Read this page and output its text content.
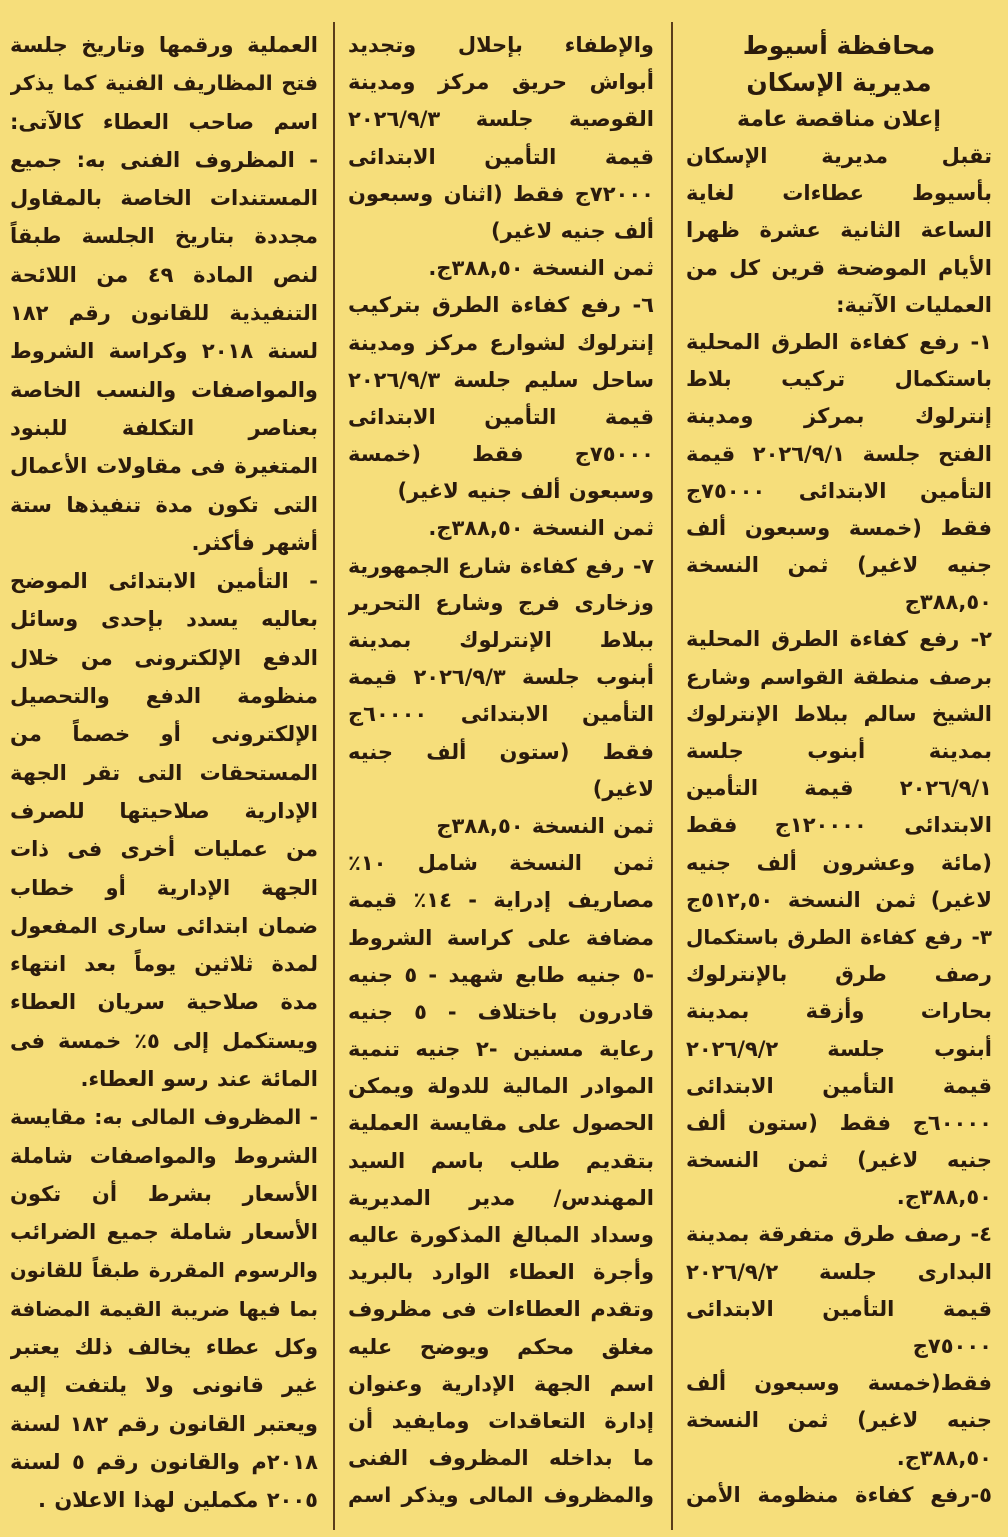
محافظة أسيوط
مديرية الإسكان
إعلان مناقصة عامة
تقبل مديرية الإسكان
بأسيوط عطاءات لغاية
الساعة الثانية عشرة ظهرا
الأيام الموضحة قرين كل من
العمليات الآتية:
١- رفع كفاءة الطرق المحلية
باستكمال تركيب بلاط
إنترلوك بمركز ومدينة
الفتح جلسة ٢٠٢٦/٩/١ قيمة
التأمين الابتدائى ٧٥٠٠٠ج
فقط (خمسة وسبعون ألف
جنيه لاغير) ثمن النسخة
٣٨٨,٥٠ج
٢- رفع كفاءة الطرق المحلية
برصف منطقة القواسم وشارع
الشيخ سالم ببلاط الإنترلوك
بمدينة أبنوب جلسة
٢٠٢٦/٩/١ قيمة التأمين
الابتدائى ١٢٠٠٠٠ج فقط
(مائة وعشرون ألف جنيه
لاغير) ثمن النسخة ٥١٢,٥٠ج
٣- رفع كفاءة الطرق باستكمال
رصف طرق بالإنترلوك
بحارات وأزقة بمدينة
أبنوب جلسة ٢٠٢٦/٩/٢
قيمة التأمين الابتدائى
٦٠٠٠٠ج فقط (ستون ألف
جنيه لاغير) ثمن النسخة
٣٨٨,٥٠ج.
٤- رصف طرق متفرقة بمدينة
البدارى جلسة ٢٠٢٦/٩/٢
قيمة التأمين الابتدائى
٧٥٠٠٠ج
فقط(خمسة وسبعون ألف
جنيه لاغير) ثمن النسخة
٣٨٨,٥٠ج.
٥-رفع كفاءة منظومة الأمن
والإطفاء بإحلال وتجديد
أبواش حريق مركز ومدينة
القوصية جلسة ٢٠٢٦/٩/٣
قيمة التأمين الابتدائى
٧٢٠٠٠ج فقط (اثنان وسبعون
ألف جنيه لاغير)
ثمن النسخة ٣٨٨,٥٠ج.
٦- رفع كفاءة الطرق بتركيب
إنترلوك لشوارع مركز ومدينة
ساحل سليم جلسة ٢٠٢٦/٩/٣
قيمة التأمين الابتدائى
٧٥٠٠٠ج فقط (خمسة
وسبعون ألف جنيه لاغير)
ثمن النسخة ٣٨٨,٥٠ج.
٧- رفع كفاءة شارع الجمهورية
وزخارى فرج وشارع التحرير
ببلاط الإنترلوك بمدينة
أبنوب جلسة ٢٠٢٦/٩/٣ قيمة
التأمين الابتدائى ٦٠٠٠٠ج
فقط (ستون ألف جنيه
لاغير)
ثمن النسخة ٣٨٨,٥٠ج
ثمن النسخة شامل ١٠٪
مصاريف إدراية - ١٤٪ قيمة
مضافة على كراسة الشروط
-٥ جنيه طابع شهيد - ٥ جنيه
قادرون باختلاف - ٥ جنيه
رعاية مسنين -٢ جنيه تنمية
الموادر المالية للدولة ويمكن
الحصول على مقايسة العملية
بتقديم طلب باسم السيد
المهندس/ مدير المديرية
وسداد المبالغ المذكورة عاليه
وأجرة العطاء الوارد بالبريد
وتقدم العطاءات فى مظروف
مغلق محكم ويوضح عليه
اسم الجهة الإدارية وعنوان
إدارة التعاقدات ومايفيد أن
ما بداخله المظروف الفنى
والمظروف المالى ويذكر اسم
العملية ورقمها وتاريخ جلسة
فتح المظاريف الفنية كما يذكر
اسم صاحب العطاء كالآتى:
- المظروف الفنى به: جميع
المستندات الخاصة بالمقاول
مجددة بتاريخ الجلسة طبقاً
لنص المادة ٤٩ من اللائحة
التنفيذية للقانون رقم ١٨٢
لسنة ٢٠١٨ وكراسة الشروط
والمواصفات والنسب الخاصة
بعناصر التكلفة للبنود
المتغيرة فى مقاولات الأعمال
التى تكون مدة تنفيذها ستة
أشهر فأكثر.
- التأمين الابتدائى الموضح
بعاليه يسدد بإحدى وسائل
الدفع الإلكترونى من خلال
منظومة الدفع والتحصيل
الإلكترونى أو خصماً من
المستحقات التى تقر الجهة
الإدارية صلاحيتها للصرف
من عمليات أخرى فى ذات
الجهة الإدارية أو خطاب
ضمان ابتدائى سارى المفعول
لمدة ثلاثين يوماً بعد انتهاء
مدة صلاحية سريان العطاء
ويستكمل إلى ٥٪ خمسة فى
المائة عند رسو العطاء.
- المظروف المالى به: مقايسة
الشروط والمواصفات شاملة
الأسعار بشرط أن تكون
الأسعار شاملة جميع الضرائب
والرسوم المقررة طبقاً للقانون
بما فيها ضريبة القيمة المضافة
وكل عطاء يخالف ذلك يعتبر
غير قانونى ولا يلتفت إليه
ويعتبر القانون رقم ١٨٢ لسنة
٢٠١٨م والقانون رقم ٥ لسنة
٢٠٠٥ مكملين لهذا الاعلان .
